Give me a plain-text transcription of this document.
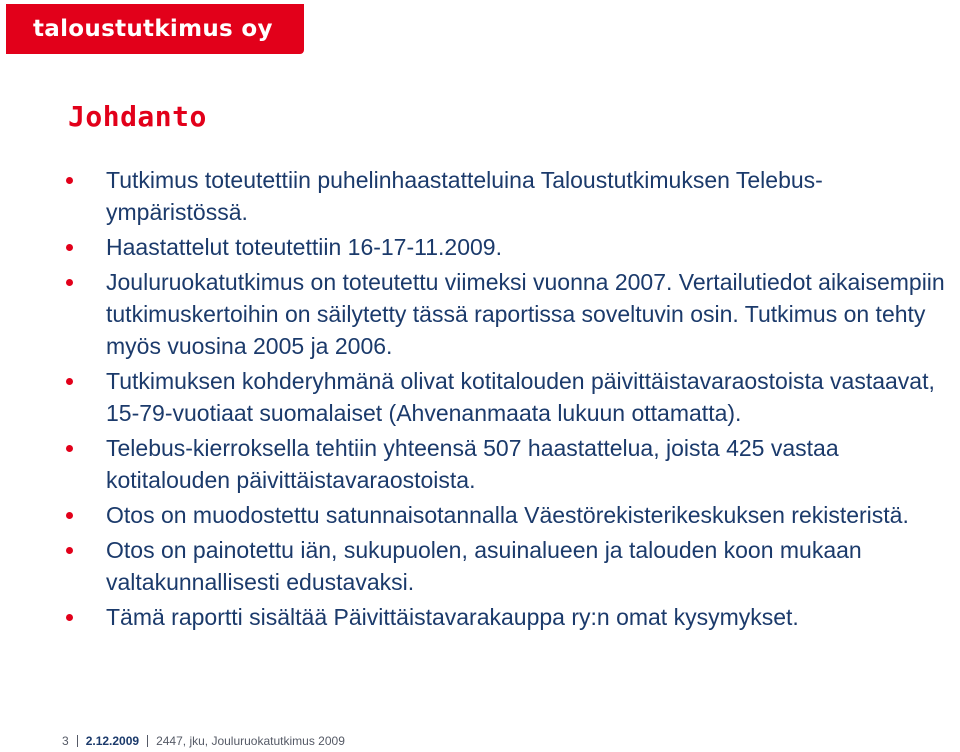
taloustutkimus oy
Johdanto
Tutkimus toteutettiin puhelinhaastatteluina Taloustutkimuksen Telebus-ympäristössä.
Haastattelut toteutettiin 16-17-11.2009.
Jouluruokatutkimus on toteutettu viimeksi vuonna 2007. Vertailutiedot aikaisempiin tutkimuskertoihin on säilytetty tässä raportissa soveltuvin osin. Tutkimus on tehty myös vuosina 2005 ja 2006.
Tutkimuksen kohderyhmänä olivat kotitalouden päivittäistavaraostoista vastaavat, 15-79-vuotiaat suomalaiset (Ahvenanmaata lukuun ottamatta).
Telebus-kierroksella tehtiin yhteensä 507 haastattelua, joista 425 vastaa kotitalouden päivittäistavaraostoista.
Otos on muodostettu satunnaisotannalla Väestörekisterikeskuksen rekisteristä.
Otos on painotettu iän, sukupuolen, asuinalueen ja talouden koon mukaan valtakunnallisesti edustavaksi.
Tämä raportti sisältää Päivittäistavarakauppa ry:n omat kysymykset.
3 2.12.2009 2447, jku, Jouluruokatutkimus 2009
